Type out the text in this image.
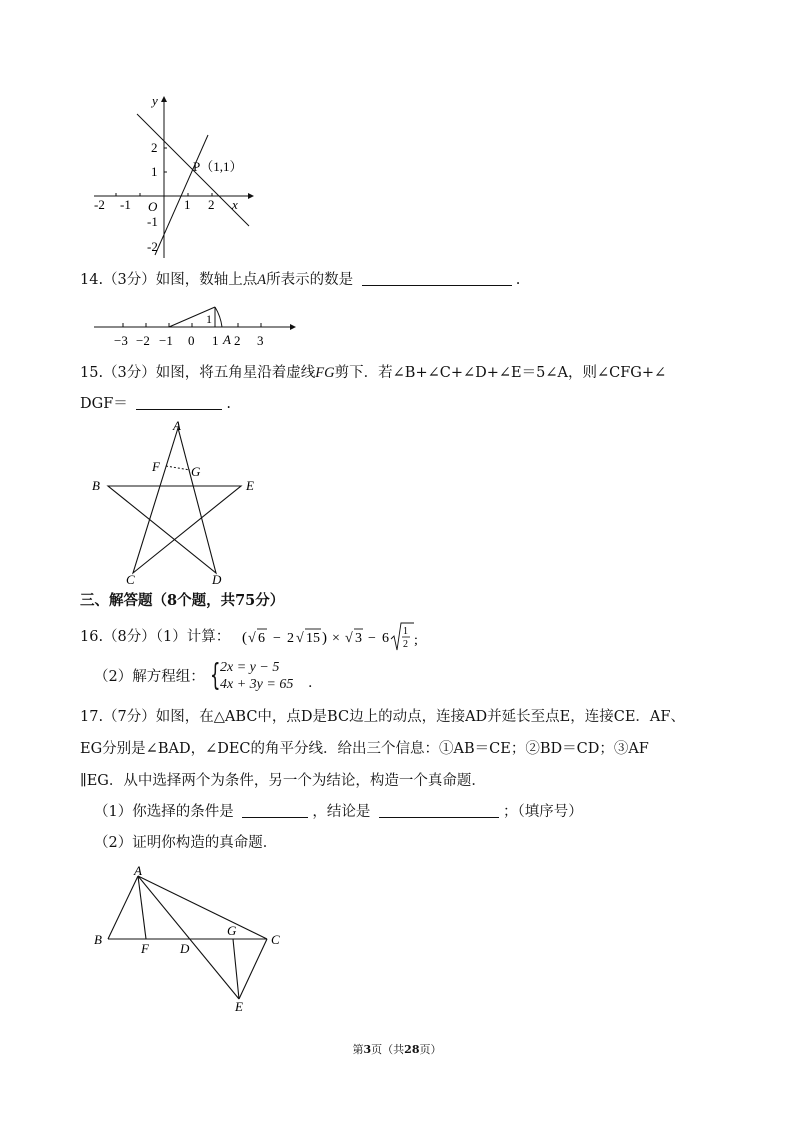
y
x
O
-2 -1	1 2
2
1
-1
-2
P（1,1）
14.（3分）如图，数轴上点A所表示的数是	.
1
−3 −2 −1 0 1 2 3
A
15.（3分）如图，将五角星沿着虚线FG剪下．若∠B+∠C+∠D+∠E＝5∠A，则∠CFG+∠
DGF＝	.
A
B	E
F G
C	D
三、解答题（8个题，共75分）
16.（8分）（1）计算： ( √ 6 − 2 √ 15 ) × √ 3 − 6 1
2 ;
（2）解方程组： { 2x = y − 5
4x + 3y = 65 .
17.（7分）如图，在△ABC中，点D是BC边上的动点，连接AD并延长至点E，连接CE．AF、
EG分别是∠BAD，∠DEC的角平分线．给出三个信息：①AB＝CE；②BD＝CD；③AF
∥EG．从中选择两个为条件，另一个为结论，构造一个真命题．
（1）你选择的条件是	，结论是	；（填序号）
（2）证明你构造的真命题．
A
B
F D
G
C
E
第3页（共28页）
